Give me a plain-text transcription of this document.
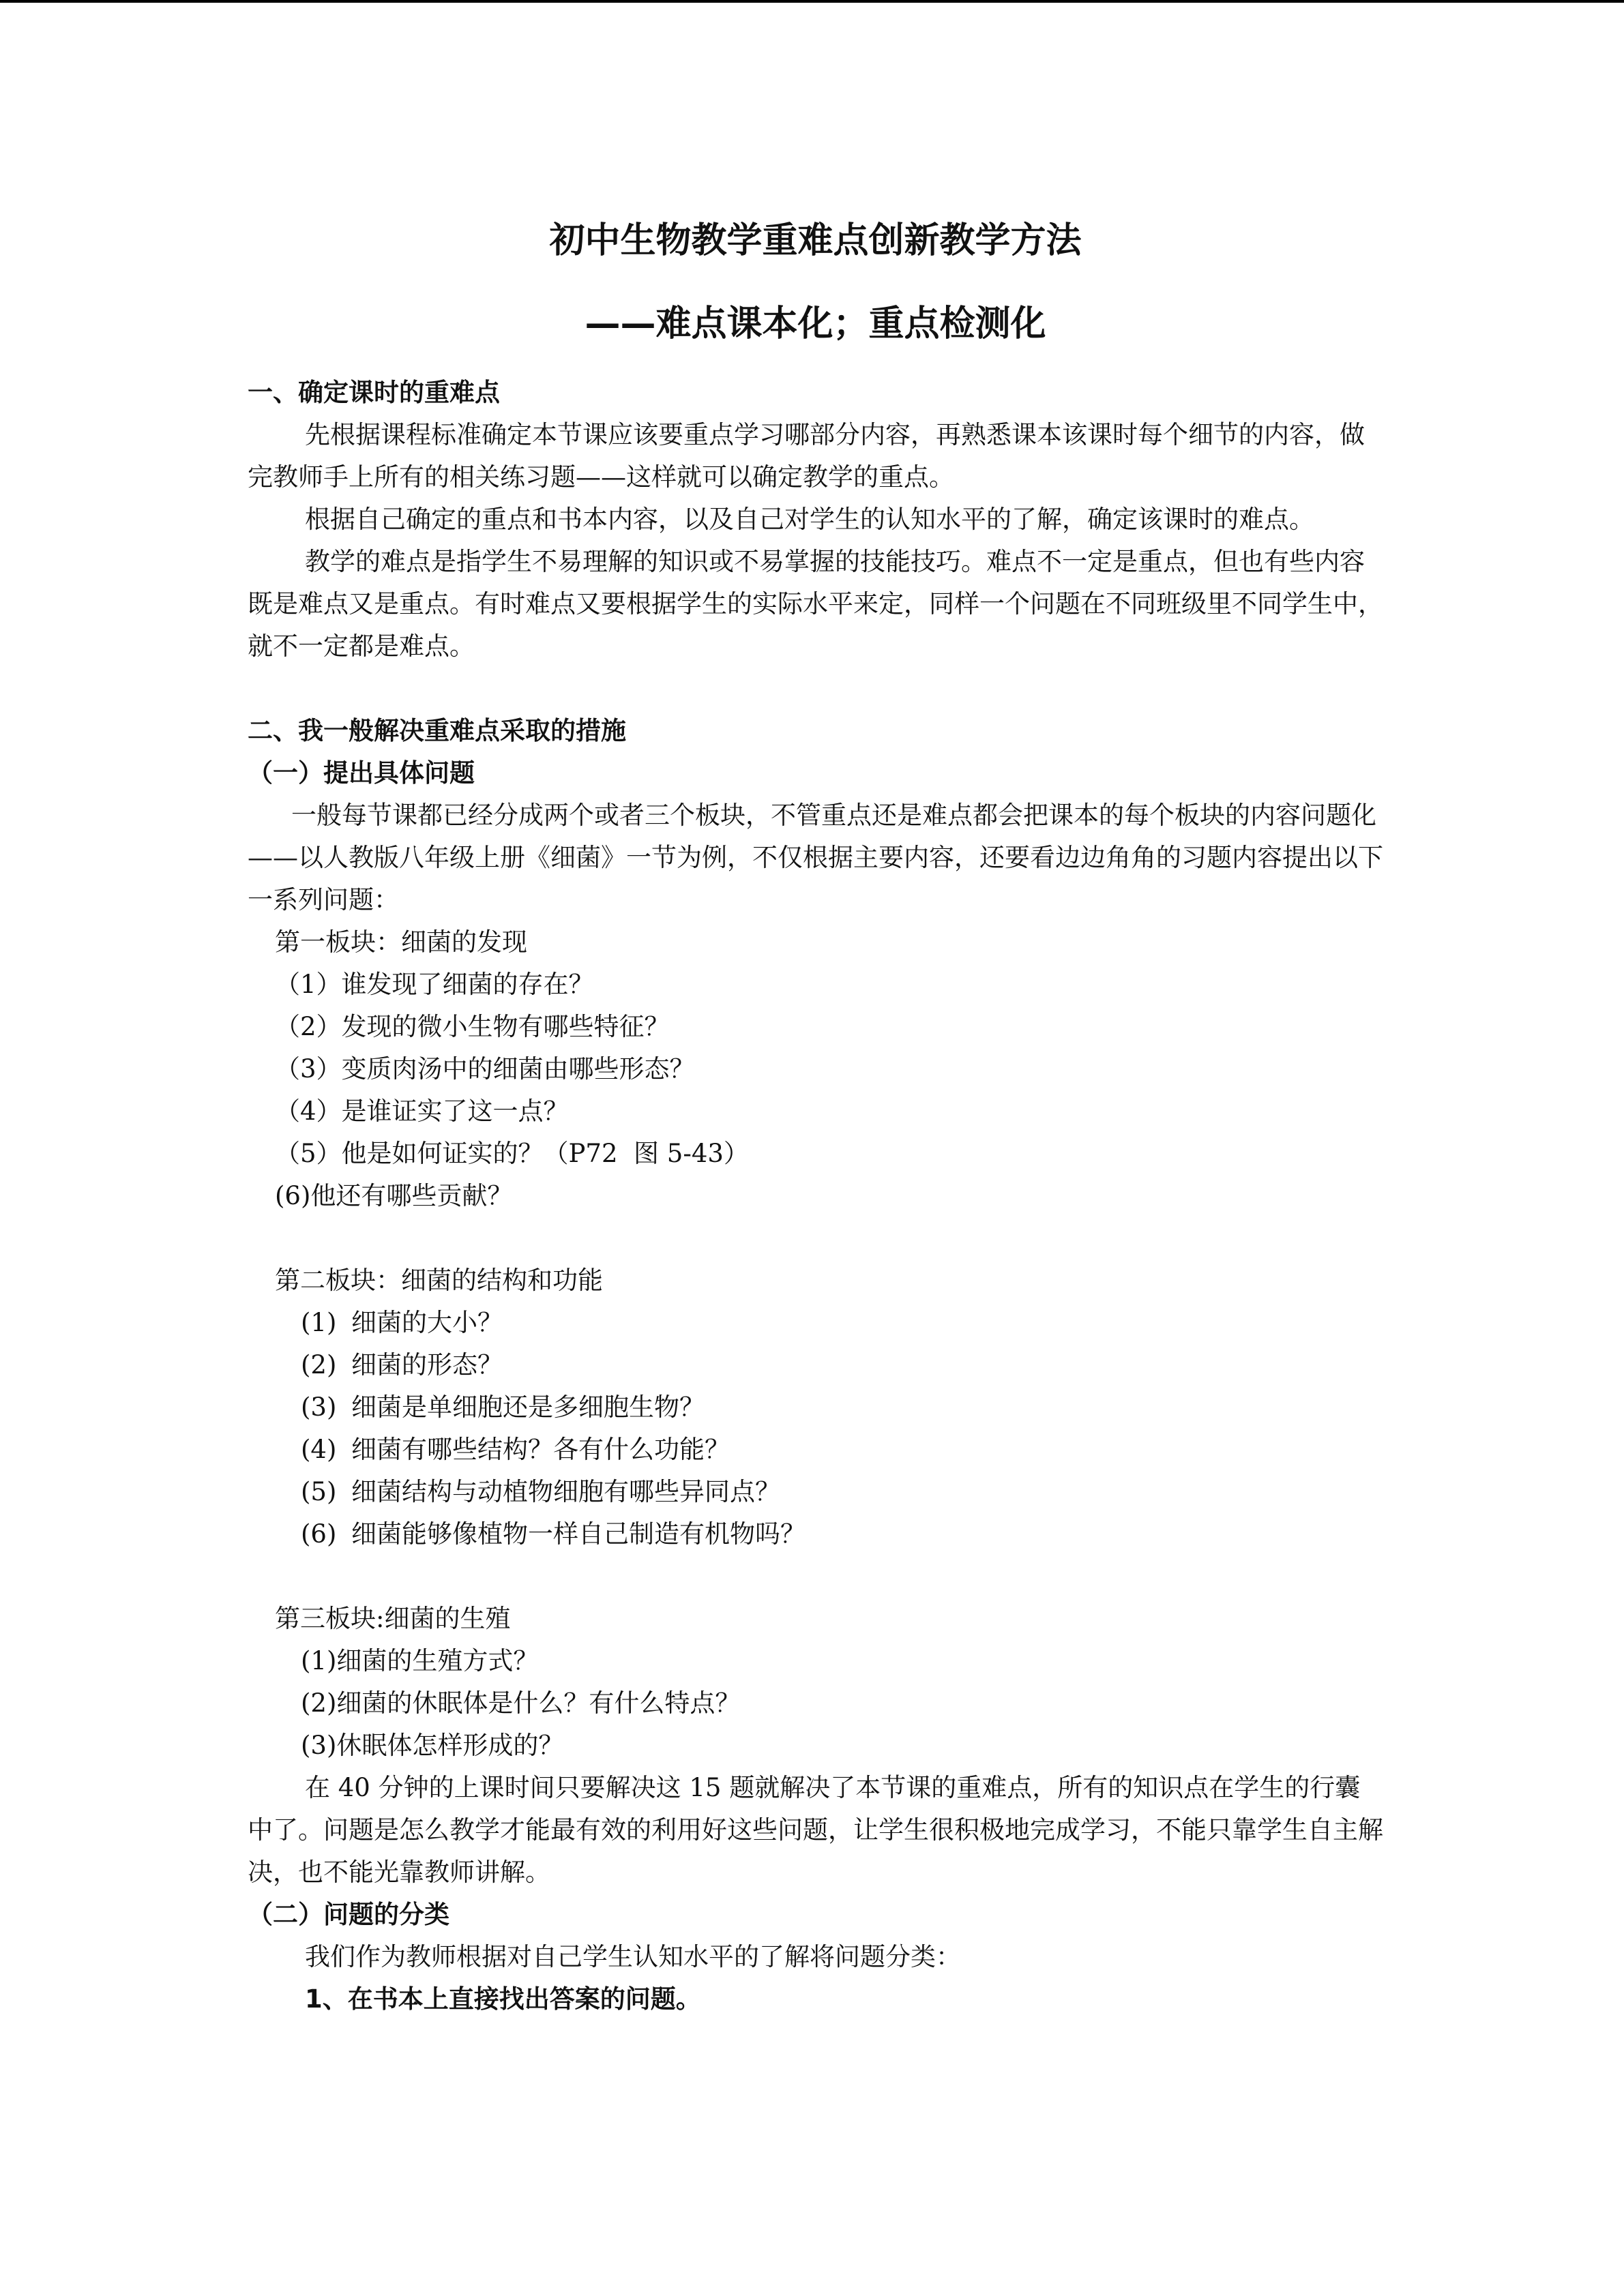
初中生物教学重难点创新教学方法
——难点课本化；重点检测化

一、确定课时的重难点

先根据课程标准确定本节课应该要重点学习哪部分内容，再熟悉课本该课时每个细节的内容，做完教师手上所有的相关练习题——这样就可以确定教学的重点。

根据自己确定的重点和书本内容，以及自己对学生的认知水平的了解，确定该课时的难点。

教学的难点是指学生不易理解的知识或不易掌握的技能技巧。难点不一定是重点，但也有些内容既是难点又是重点。有时难点又要根据学生的实际水平来定，同样一个问题在不同班级里不同学生中，就不一定都是难点。

二、我一般解决重难点采取的措施

（一）提出具体问题

一般每节课都已经分成两个或者三个板块，不管重点还是难点都会把课本的每个板块的内容问题化——以人教版八年级上册《细菌》一节为例，不仅根据主要内容，还要看边边角角的习题内容提出以下一系列问题：

第一板块：细菌的发现

（1）谁发现了细菌的存在？

（2）发现的微小生物有哪些特征？

（3）变质肉汤中的细菌由哪些形态？

（4）是谁证实了这一点？

（5）他是如何证实的？（P72  图 5-43）

(6)他还有哪些贡献？

第二板块：细菌的结构和功能

(1) 细菌的大小？

(2) 细菌的形态？

(3) 细菌是单细胞还是多细胞生物？

(4) 细菌有哪些结构？各有什么功能？

(5) 细菌结构与动植物细胞有哪些异同点？

(6) 细菌能够像植物一样自己制造有机物吗？

第三板块:细菌的生殖

(1)细菌的生殖方式？

(2)细菌的休眠体是什么？有什么特点？

(3)休眠体怎样形成的？

在 40 分钟的上课时间只要解决这 15 题就解决了本节课的重难点，所有的知识点在学生的行囊中了。问题是怎么教学才能最有效的利用好这些问题，让学生很积极地完成学习，不能只靠学生自主解决，也不能光靠教师讲解。

（二）问题的分类

我们作为教师根据对自己学生认知水平的了解将问题分类：

1、在书本上直接找出答案的问题。
